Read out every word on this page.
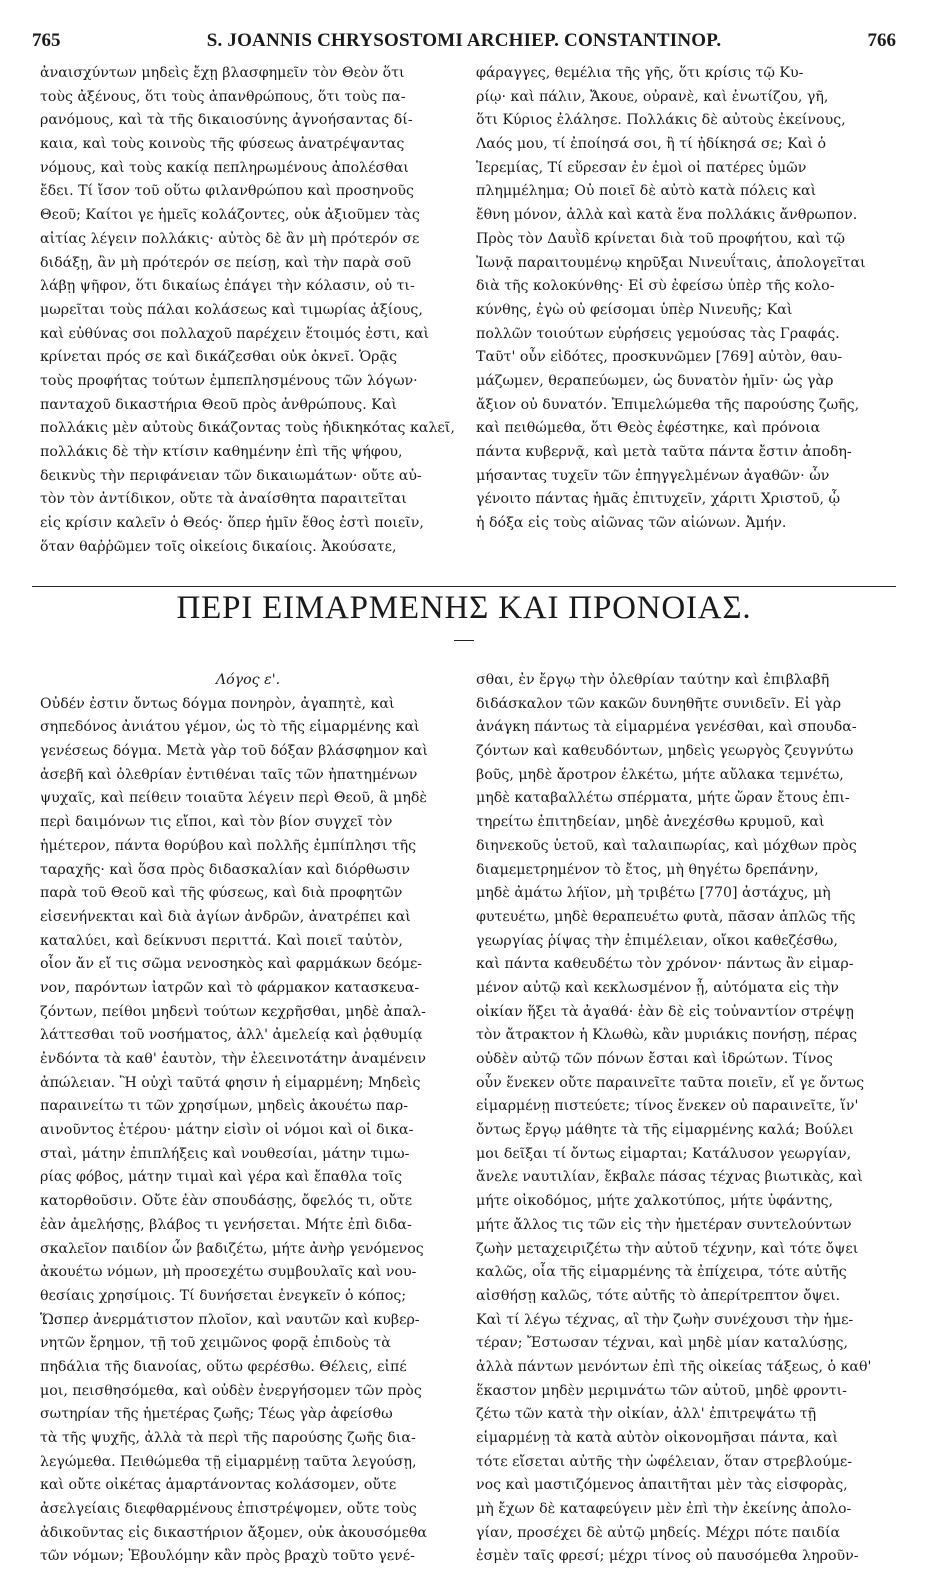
765	S. JOANNIS CHRYSOSTOMI ARCHIEP. CONSTANTINOP.	766
ἀναισχύντων μηδεὶς ἔχῃ βλασφημεῖν τὸν Θεὸν ὅτι
τοὺς ἀξένους, ὅτι τοὺς ἀπανθρώπους, ὅτι τοὺς πα-
ρανόμους, καὶ τὰ τῆς δικαιοσύνης ἀγνοήσαντας δί-
καια, καὶ τοὺς κοινοὺς τῆς φύσεως ἀνατρέψαντας
νόμους, καὶ τοὺς κακίᾳ πεπληρωμένους ἀπολέσθαι
ἔδει. Τί ἴσον τοῦ οὕτω φιλανθρώπου καὶ προσηνοῦς
Θεοῦ; Καίτοι γε ἡμεῖς κολάζοντες, οὐκ ἀξιοῦμεν τὰς
αἰτίας λέγειν πολλάκις· αὐτὸς δὲ ἂν μὴ πρότερόν σε
διδάξῃ, ἂν μὴ πρότερόν σε πείσῃ, καὶ τὴν παρὰ σοῦ
λάβῃ ψῆφον, ὅτι δικαίως ἐπάγει τὴν κόλασιν, οὐ τι-
μωρεῖται τοὺς πάλαι κολάσεως καὶ τιμωρίας ἀξίους,
καὶ εὐθύνας σοι πολλαχοῦ παρέχειν ἕτοιμός ἐστι, καὶ
κρίνεται πρός σε καὶ δικάζεσθαι οὐκ ὀκνεῖ. Ὁρᾷς
τοὺς προφήτας τούτων ἐμπεπλησμένους τῶν λόγων·
πανταχοῦ δικαστήρια Θεοῦ πρὸς ἀνθρώπους. Καὶ
πολλάκις μὲν αὐτοὺς δικάζοντας τοὺς ἠδικηκότας καλεῖ,
πολλάκις δὲ τὴν κτίσιν καθημένην ἐπὶ τῆς ψήφου,
δεικνὺς τὴν περιφάνειαν τῶν δικαιωμάτων· οὔτε αὐ-
τὸν τὸν ἀντίδικον, οὔτε τὰ ἀναίσθητα παραιτεῖται
εἰς κρίσιν καλεῖν ὁ Θεός· ὅπερ ἡμῖν ἔθος ἐστὶ ποιεῖν,
ὅταν θαῤῥῶμεν τοῖς οἰκείοις δικαίοις. Ἀκούσατε,
φάραγγες, θεμέλια τῆς γῆς, ὅτι κρίσις τῷ Κυ-
ρίῳ· καὶ πάλιν, Ἄκουε, οὐρανὲ, καὶ ἐνωτίζου, γῆ,
ὅτι Κύριος ἐλάλησε. Πολλάκις δὲ αὐτοὺς ἐκείνους,
Λαός μου, τί ἐποίησά σοι, ἢ τί ἠδίκησά σε; Καὶ ὁ
Ἱερεμίας, Τί εὕρεσαν ἐν ἐμοὶ οἱ πατέρες ὑμῶν
πλημμέλημα; Οὐ ποιεῖ δὲ αὐτὸ κατὰ πόλεις καὶ
ἔθνη μόνον, ἀλλὰ καὶ κατὰ ἕνα πολλάκις ἄνθρωπον.
Πρὸς τὸν Δαυῒδ κρίνεται διὰ τοῦ προφήτου, καὶ τῷ
Ἰωνᾷ παραιτουμένῳ κηρῦξαι Νινευΐταις, ἀπολογεῖται
διὰ τῆς κολοκύνθης· Εἰ σὺ ἐφείσω ὑπὲρ τῆς κολο-
κύνθης, ἐγὼ οὐ φείσομαι ὑπὲρ Νινευῆς; Καὶ
πολλῶν τοιούτων εὑρήσεις γεμούσας τὰς Γραφάς.
Ταῦτ' οὖν εἰδότες, προσκυνῶμεν [769] αὐτὸν, θαυ-
μάζωμεν, θεραπεύωμεν, ὡς δυνατὸν ἡμῖν· ὡς γὰρ
ἄξιον οὐ δυνατόν. Ἐπιμελώμεθα τῆς παρούσης ζωῆς,
καὶ πειθώμεθα, ὅτι Θεὸς ἐφέστηκε, καὶ πρόνοια
πάντα κυβερνᾷ, καὶ μετὰ ταῦτα πάντα ἔστιν ἀποδη-
μήσαντας τυχεῖν τῶν ἐπηγγελμένων ἀγαθῶν· ὧν
γένοιτο πάντας ἡμᾶς ἐπιτυχεῖν, χάριτι Χριστοῦ, ᾧ
ἡ δόξα εἰς τοὺς αἰῶνας τῶν αἰώνων. Ἀμήν.
ΠΕΡΙ ΕΙΜΑΡΜΕΝΗΣ ΚΑΙ ΠΡΟΝΟΙΑΣ.
Λόγος ε'.
Οὐδέν ἐστιν ὄντως δόγμα πονηρὸν, ἀγαπητὲ, καὶ
σηπεδόνος ἀνιάτου γέμον, ὡς τὸ τῆς εἱμαρμένης καὶ
γενέσεως δόγμα. Μετὰ γὰρ τοῦ δόξαν βλάσφημον καὶ
ἀσεβῆ καὶ ὀλεθρίαν ἐντιθέναι ταῖς τῶν ἠπατημένων
ψυχαῖς, καὶ πείθειν τοιαῦτα λέγειν περὶ Θεοῦ, ἃ μηδὲ
περὶ δαιμόνων τις εἴποι, καὶ τὸν βίον συγχεῖ τὸν
ἡμέτερον, πάντα θορύβου καὶ πολλῆς ἐμπίπλησι τῆς
ταραχῆς· καὶ ὅσα πρὸς διδασκαλίαν καὶ διόρθωσιν
παρὰ τοῦ Θεοῦ καὶ τῆς φύσεως, καὶ διὰ προφητῶν
εἰσενήνεκται καὶ διὰ ἁγίων ἀνδρῶν, ἀνατρέπει καὶ
καταλύει, καὶ δείκνυσι περιττά. Καὶ ποιεῖ ταὐτὸν,
οἷον ἄν εἴ τις σῶμα νενοσηκὸς καὶ φαρμάκων δεόμε-
νον, παρόντων ἰατρῶν καὶ τὸ φάρμακον κατασκευα-
ζόντων, πείθοι μηδενὶ τούτων κεχρῆσθαι, μηδὲ ἀπαλ-
λάττεσθαι τοῦ νοσήματος, ἀλλ' ἀμελείᾳ καὶ ῥᾳθυμίᾳ
ἐνδόντα τὰ καθ' ἑαυτὸν, τὴν ἐλεεινοτάτην ἀναμένειν
ἀπώλειαν. Ἢ οὐχὶ ταῦτά φησιν ἡ εἱμαρμένη; Μηδεὶς
παραινείτω τι τῶν χρησίμων, μηδεὶς ἀκουέτω παρ-
αινοῦντος ἑτέρου· μάτην εἰσὶν οἱ νόμοι καὶ οἱ δικα-
σταὶ, μάτην ἐπιπλήξεις καὶ νουθεσίαι, μάτην τιμω-
ρίας φόβος, μάτην τιμαὶ καὶ γέρα καὶ ἔπαθλα τοῖς
κατορθοῦσιν. Οὔτε ἐὰν σπουδάσῃς, ὄφελός τι, οὔτε
ἐὰν ἀμελήσῃς, βλάβος τι γενήσεται. Μήτε ἐπὶ διδα-
σκαλεῖον παιδίον ὧν βαδιζέτω, μήτε ἀνὴρ γενόμενος
ἀκουέτω νόμων, μὴ προσεχέτω συμβουλαῖς καὶ νου-
θεσίαις χρησίμοις. Τί δυνήσεται ἐνεγκεῖν ὁ κόπος;
Ὥσπερ ἀνερμάτιστον πλοῖον, καὶ ναυτῶν καὶ κυβερ-
νητῶν ἔρημον, τῇ τοῦ χειμῶνος φορᾷ ἐπιδοὺς τὰ
πηδάλια τῆς διανοίας, οὕτω φερέσθω. Θέλεις, εἰπέ
μοι, πεισθησόμεθα, καὶ οὐδὲν ἐνεργήσομεν τῶν πρὸς
σωτηρίαν τῆς ἡμετέρας ζωῆς; Τέως γὰρ ἀφείσθω
τὰ τῆς ψυχῆς, ἀλλὰ τὰ περὶ τῆς παρούσης ζωῆς δια-
λεγώμεθα. Πειθώμεθα τῇ εἱμαρμένῃ ταῦτα λεγούσῃ,
καὶ οὔτε οἰκέτας ἁμαρτάνοντας κολάσομεν, οὔτε
ἀσελγείαις διεφθαρμένους ἐπιστρέψομεν, οὔτε τοὺς
ἀδικοῦντας εἰς δικαστήριον ἄξομεν, οὐκ ἀκουσόμεθα
τῶν νόμων; Ἐβουλόμην κἂν πρὸς βραχὺ τοῦτο γενέ-
σθαι, ἐν ἔργῳ τὴν ὀλεθρίαν ταύτην καὶ ἐπιβλαβῆ
διδάσκαλον τῶν κακῶν δυνηθῆτε συνιδεῖν. Εἰ γὰρ
ἀνάγκη πάντως τὰ εἱμαρμένα γενέσθαι, καὶ σπουδα-
ζόντων καὶ καθευδόντων, μηδεὶς γεωργὸς ζευγνύτω
βοῦς, μηδὲ ἄροτρον ἑλκέτω, μήτε αὔλακα τεμνέτω,
μηδὲ καταβαλλέτω σπέρματα, μήτε ὥραν ἔτους ἐπι-
τηρείτω ἐπιτηδείαν, μηδὲ ἀνεχέσθω κρυμοῦ, καὶ
διηνεκοῦς ὑετοῦ, καὶ ταλαιπωρίας, καὶ μόχθων πρὸς
διαμεμετρημένον τὸ ἔτος, μὴ θηγέτω δρεπάνην,
μηδὲ ἀμάτω λήϊον, μὴ τριβέτω [770] ἀστάχυς, μὴ
φυτευέτω, μηδὲ θεραπευέτω φυτὰ, πᾶσαν ἁπλῶς τῆς
γεωργίας ῥίψας τὴν ἐπιμέλειαν, οἴκοι καθεζέσθω,
καὶ πάντα καθευδέτω τὸν χρόνον· πάντως ἂν εἱμαρ-
μένον αὐτῷ καὶ κεκλωσμένον ᾖ, αὐτόματα εἰς τὴν
οἰκίαν ἥξει τὰ ἀγαθά· ἐὰν δὲ εἰς τοὐναντίον στρέψῃ
τὸν ἄτρακτον ἡ Κλωθὼ, κἂν μυριάκις πονήσῃ, πέρας
οὐδὲν αὐτῷ τῶν πόνων ἔσται καὶ ἱδρώτων. Τίνος
οὖν ἕνεκεν οὔτε παραινεῖτε ταῦτα ποιεῖν, εἴ γε ὄντως
εἱμαρμένῃ πιστεύετε; τίνος ἕνεκεν οὐ παραινεῖτε, ἵν'
ὄντως ἔργῳ μάθητε τὰ τῆς εἱμαρμένης καλά; Βούλει
μοι δεῖξαι τί ὄντως εἱμαρται; Κατάλυσον γεωργίαν,
ἄνελε ναυτιλίαν, ἔκβαλε πάσας τέχνας βιωτικὰς, καὶ
μήτε οἰκοδόμος, μήτε χαλκοτύπος, μήτε ὑφάντης,
μήτε ἄλλος τις τῶν εἰς τὴν ἡμετέραν συντελούντων
ζωὴν μεταχειριζέτω τὴν αὐτοῦ τέχνην, καὶ τότε ὄψει
καλῶς, οἷα τῆς εἱμαρμένης τὰ ἐπίχειρα, τότε αὐτῆς
αἰσθήσῃ καλῶς, τότε αὐτῆς τὸ ἀπερίτρεπτον ὄψει.
Καὶ τί λέγω τέχνας, αἳ τὴν ζωὴν συνέχουσι τὴν ἡμε-
τέραν; Ἔστωσαν τέχναι, καὶ μηδὲ μίαν καταλύσῃς,
ἀλλὰ πάντων μενόντων ἐπὶ τῆς οἰκείας τάξεως, ὁ καθ'
ἕκαστον μηδὲν μεριμνάτω τῶν αὐτοῦ, μηδὲ φροντι-
ζέτω τῶν κατὰ τὴν οἰκίαν, ἀλλ' ἐπιτρεψάτω τῇ
εἱμαρμένῃ τὰ κατὰ αὐτὸν οἰκονομῆσαι πάντα, καὶ
τότε εἴσεται αὐτῆς τὴν ὠφέλειαν, ὅταν στρεβλούμε-
νος καὶ μαστιζόμενος ἀπαιτῆται μὲν τὰς εἰσφορὰς,
μὴ ἔχων δὲ καταφεύγειν μὲν ἐπὶ τὴν ἐκείνης ἀπολο-
γίαν, προσέχει δὲ αὐτῷ μηδείς. Μέχρι πότε παιδία
ἐσμὲν ταῖς φρεσί; μέχρι τίνος οὐ παυσόμεθα ληροῦν-
